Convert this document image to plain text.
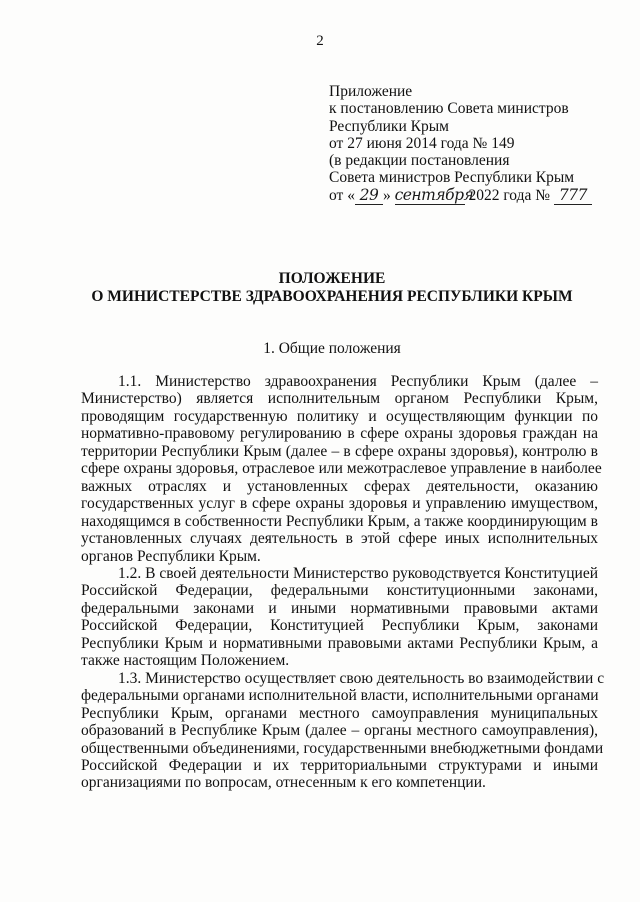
2
Приложение
к постановлению Совета министров
Республики Крым
от 27 июня 2014 года № 149
(в редакции постановления
Совета министров Республики Крым
от « 29 » сентября 2022 года № 777
ПОЛОЖЕНИЕ
О МИНИСТЕРСТВЕ ЗДРАВООХРАНЕНИЯ РЕСПУБЛИКИ КРЫМ
1. Общие положения
1.1. Министерство здравоохранения Республики Крым (далее –
Министерство) является исполнительным органом Республики Крым,
проводящим государственную политику и осуществляющим функции по
нормативно-правовому регулированию в сфере охраны здоровья граждан на
территории Республики Крым (далее – в сфере охраны здоровья), контролю в
сфере охраны здоровья, отраслевое или межотраслевое управление в наиболее
важных отраслях и установленных сферах деятельности, оказанию
государственных услуг в сфере охраны здоровья и управлению имуществом,
находящимся в собственности Республики Крым, а также координирующим в
установленных случаях деятельность в этой сфере иных исполнительных
органов Республики Крым.
1.2. В своей деятельности Министерство руководствуется Конституцией
Российской Федерации, федеральными конституционными законами,
федеральными законами и иными нормативными правовыми актами
Российской Федерации, Конституцией Республики Крым, законами
Республики Крым и нормативными правовыми актами Республики Крым, а
также настоящим Положением.
1.3. Министерство осуществляет свою деятельность во взаимодействии с
федеральными органами исполнительной власти, исполнительными органами
Республики Крым, органами местного самоуправления муниципальных
образований в Республике Крым (далее – органы местного самоуправления),
общественными объединениями, государственными внебюджетными фондами
Российской Федерации и их территориальными структурами и иными
организациями по вопросам, отнесенным к его компетенции.
